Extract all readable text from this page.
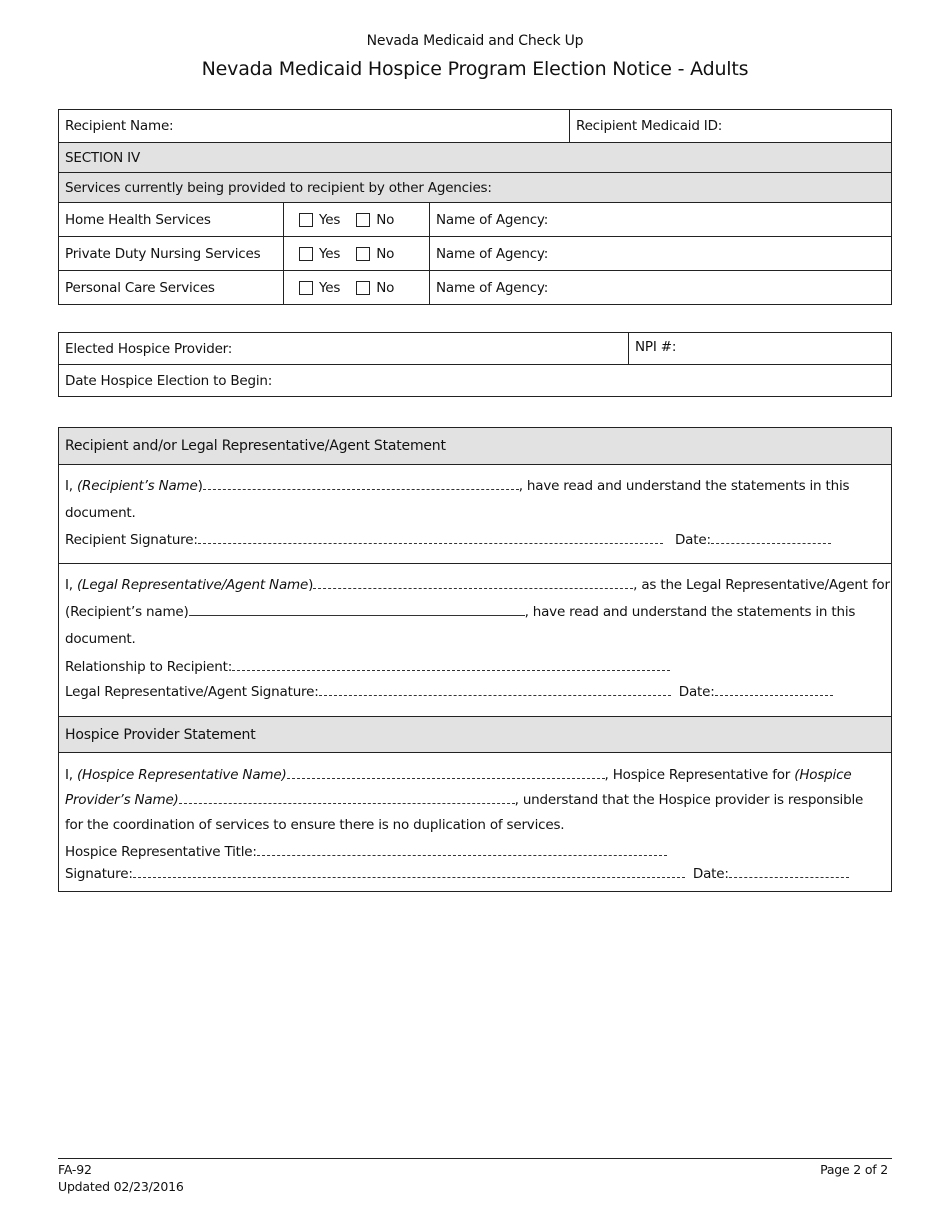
Nevada Medicaid and Check Up
Nevada Medicaid Hospice Program Election Notice - Adults
Recipient Name:	Recipient Medicaid ID:
SECTION IV
Services currently being provided to recipient by other Agencies:
Home Health Services	Yes	No	Name of Agency:
Private Duty Nursing Services	Yes	No	Name of Agency:
Personal Care Services	Yes	No	Name of Agency:
Elected Hospice Provider:	NPI #:
Date Hospice Election to Begin:
Recipient and/or Legal Representative/Agent Statement
I, (Recipient’s Name)	, have read and understand the statements in this document.
Recipient Signature:	Date:
I, (Legal Representative/Agent Name)	, as the Legal Representative/Agent for (Recipient’s name)	, have read and understand the statements in this document.

Relationship to Recipient:
Legal Representative/Agent Signature:	Date:
Hospice Provider Statement
I, (Hospice Representative Name)	, Hospice Representative for (Hospice Provider’s Name)	, understand that the Hospice provider is responsible for the coordination of services to ensure there is no duplication of services.
Hospice Representative Title:
Signature:	Date:
FA-92
Updated 02/23/2016
Page 2 of 2
